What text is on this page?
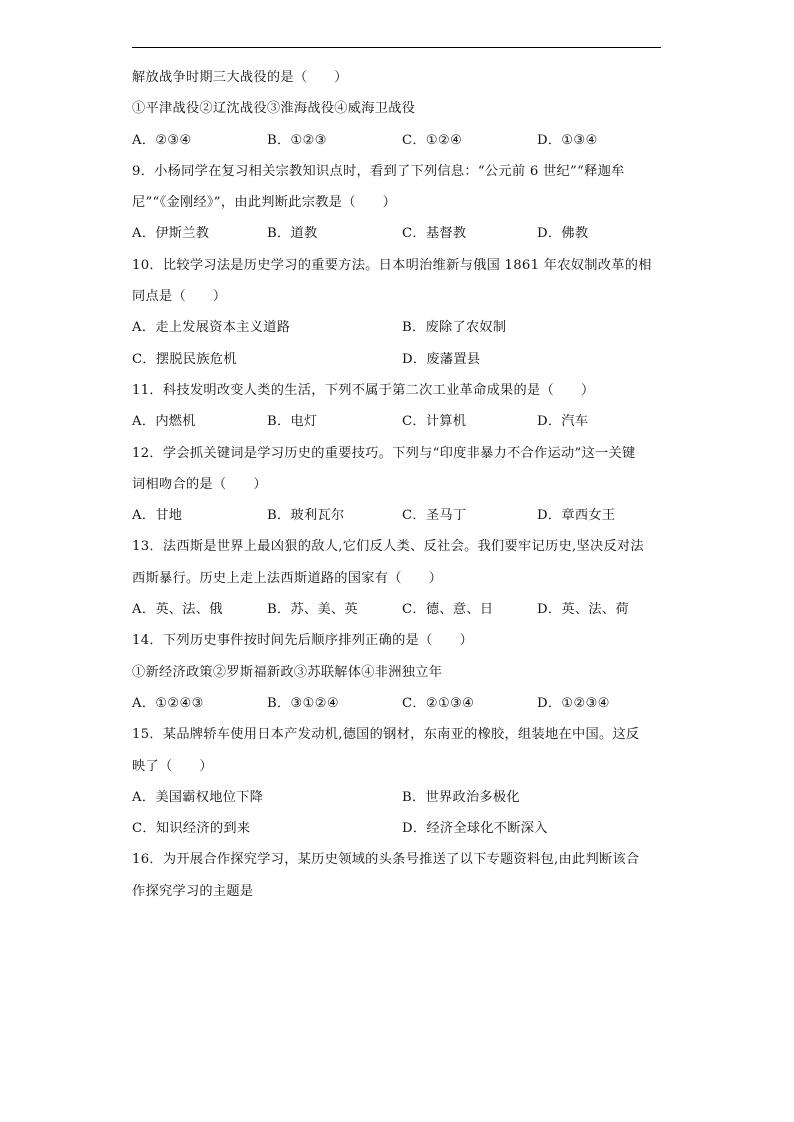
解放战争时期三大战役的是（　　）
①平津战役②辽沈战役③淮海战役④威海卫战役
A．②③④	B．①②③	C．①②④	D．①③④
9．小杨同学在复习相关宗教知识点时，看到了下列信息：“公元前 6 世纪”“释迦牟
尼”“《金刚经》”，由此判断此宗教是（　　）
A．伊斯兰教	B．道教	C．基督教	D．佛教
10．比较学习法是历史学习的重要方法。日本明治维新与俄国 1861 年农奴制改革的相
同点是（　　）
A．走上发展资本主义道路	B．废除了农奴制
C．摆脱民族危机	D．废藩置县
11．科技发明改变人类的生活，下列不属于第二次工业革命成果的是（　　）
A．内燃机	B．电灯	C．计算机	D．汽车
12．学会抓关键词是学习历史的重要技巧。下列与“印度非暴力不合作运动”这一关键
词相吻合的是（　　）
A．甘地	B．玻利瓦尔	C．圣马丁	D．章西女王
13．法西斯是世界上最凶狠的敌人,它们反人类、反社会。我们要牢记历史,坚决反对法
西斯暴行。历史上走上法西斯道路的国家有（　　）
A．英、法、俄	B．苏、美、英	C．德、意、日	D．英、法、荷
14．下列历史事件按时间先后顺序排列正确的是（　　）
①新经济政策②罗斯福新政③苏联解体④非洲独立年
A．①②④③	B．③①②④	C．②①③④	D．①②③④
15．某品牌轿车使用日本产发动机,德国的钢材，东南亚的橡胶，组装地在中国。这反
映了（　　）
A．美国霸权地位下降	B．世界政治多极化
C．知识经济的到来	D．经济全球化不断深入
16．为开展合作探究学习，某历史领域的头条号推送了以下专题资料包,由此判断该合
作探究学习的主题是
